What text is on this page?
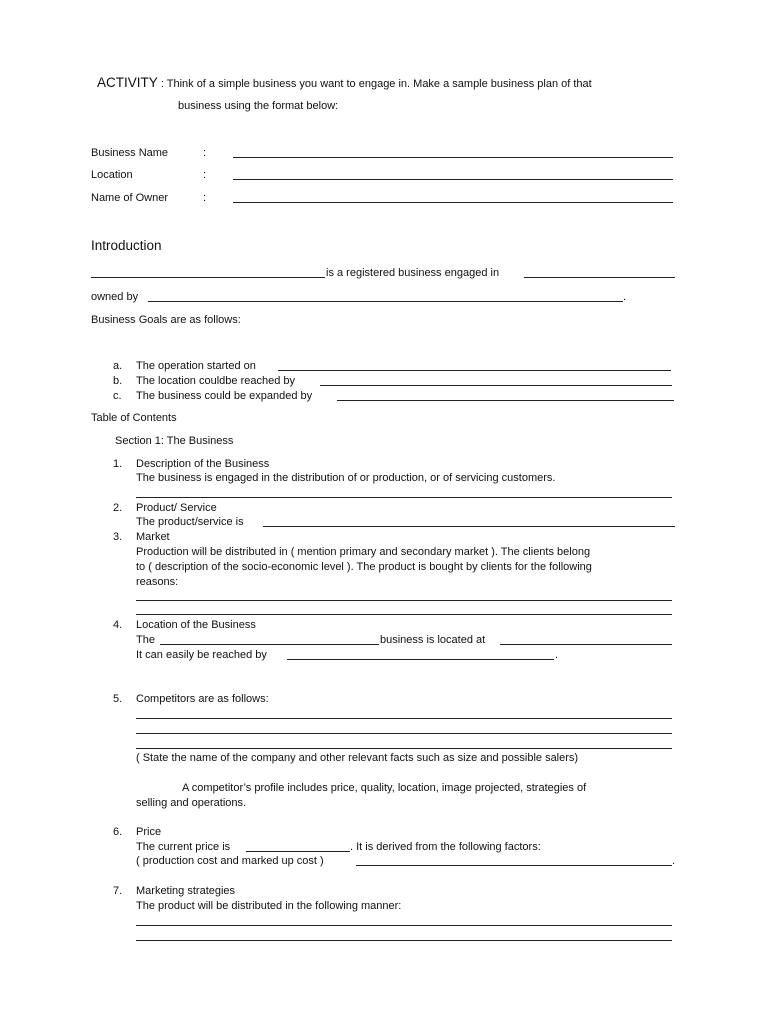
ACTIVITY : Think of a simple business you want to engage in. Make a sample business plan of that
business using the format below:
Business Name	:
Location	:
Name of Owner	:
Introduction
is a registered business engaged in
owned by	.
Business Goals are as follows:
a. The operation started on
b. The location couldbe reached by
c. The business could be expanded by
Table of Contents
Section 1: The Business
1. Description of the Business
The business is engaged in the distribution of or production, or of servicing customers.
2. Product/ Service
The product/service is
3. Market
Production will be distributed in ( mention primary and secondary market ). The clients belong
to ( description of the socio-economic level ). The product is bought by clients for the following
reasons:
4. Location of the Business
The	business is located at
It can easily be reached by	.
5. Competitors are as follows:
( State the name of the company and other relevant facts such as size and possible salers)
A competitor’s profile includes price, quality, location, image projected, strategies of
selling and operations.
6. Price
The current price is	. It is derived from the following factors:
( production cost and marked up cost )	.
7. Marketing strategies
The product will be distributed in the following manner:
